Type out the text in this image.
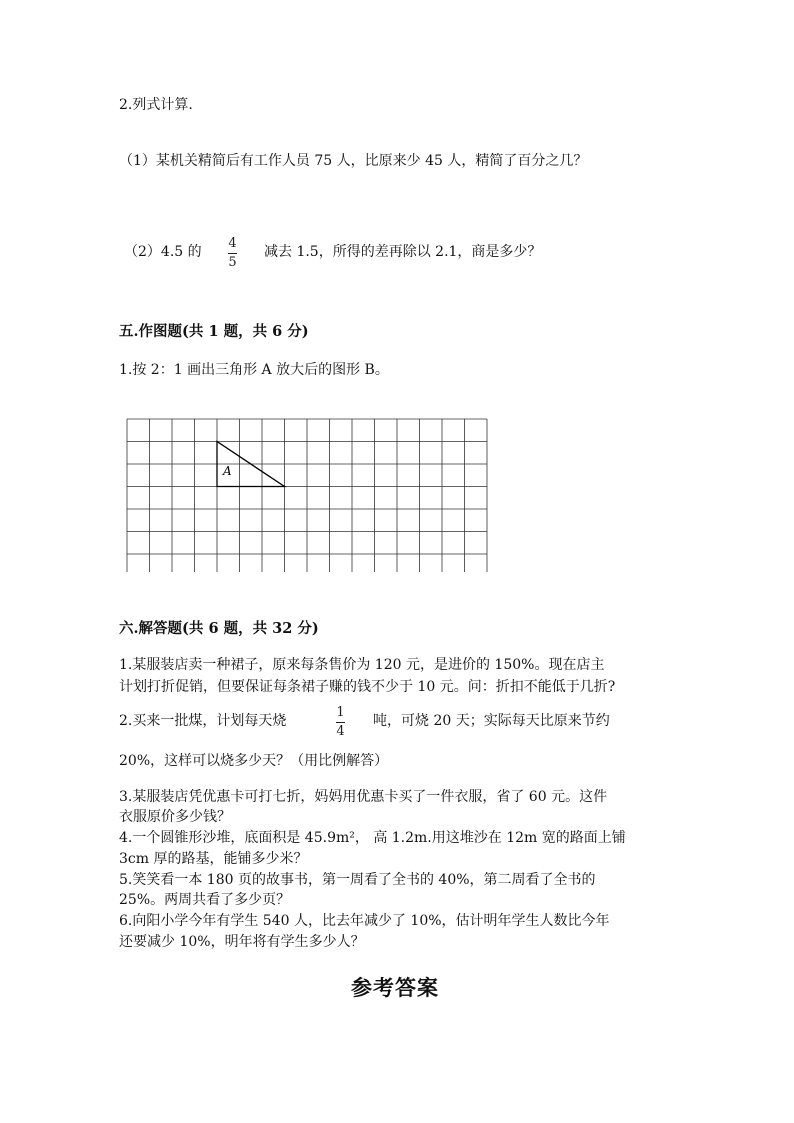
2.列式计算.
（1）某机关精简后有工作人员 75 人，比原来少 45 人，精简了百分之几？
（2）4.5 的
4
5
减去 1.5，所得的差再除以 2.1，商是多少？
五.作图题(共 1 题，共 6 分)
1.按 2：1 画出三角形 A 放大后的图形 B。
A
六.解答题(共 6 题，共 32 分)
1.某服装店卖一种裙子，原来每条售价为 120 元，是进价的 150%。现在店主
计划打折促销，但要保证每条裙子赚的钱不少于 10 元。问：折扣不能低于几折?
2.买来一批煤，计划每天烧
1
4
吨，可烧 20 天；实际每天比原来节约
20%，这样可以烧多少天？（用比例解答）
3.某服装店凭优惠卡可打七折，妈妈用优惠卡买了一件衣服，省了 60 元。这件
衣服原价多少钱？
4.一个圆锥形沙堆，底面积是 45.9m²， 高 1.2m.用这堆沙在 12m 宽的路面上铺
3cm 厚的路基，能铺多少米？
5.笑笑看一本 180 页的故事书，第一周看了全书的 40%，第二周看了全书的
25%。两周共看了多少页？
6.向阳小学今年有学生 540 人，比去年减少了 10%，估计明年学生人数比今年
还要减少 10%，明年将有学生多少人？
参考答案
